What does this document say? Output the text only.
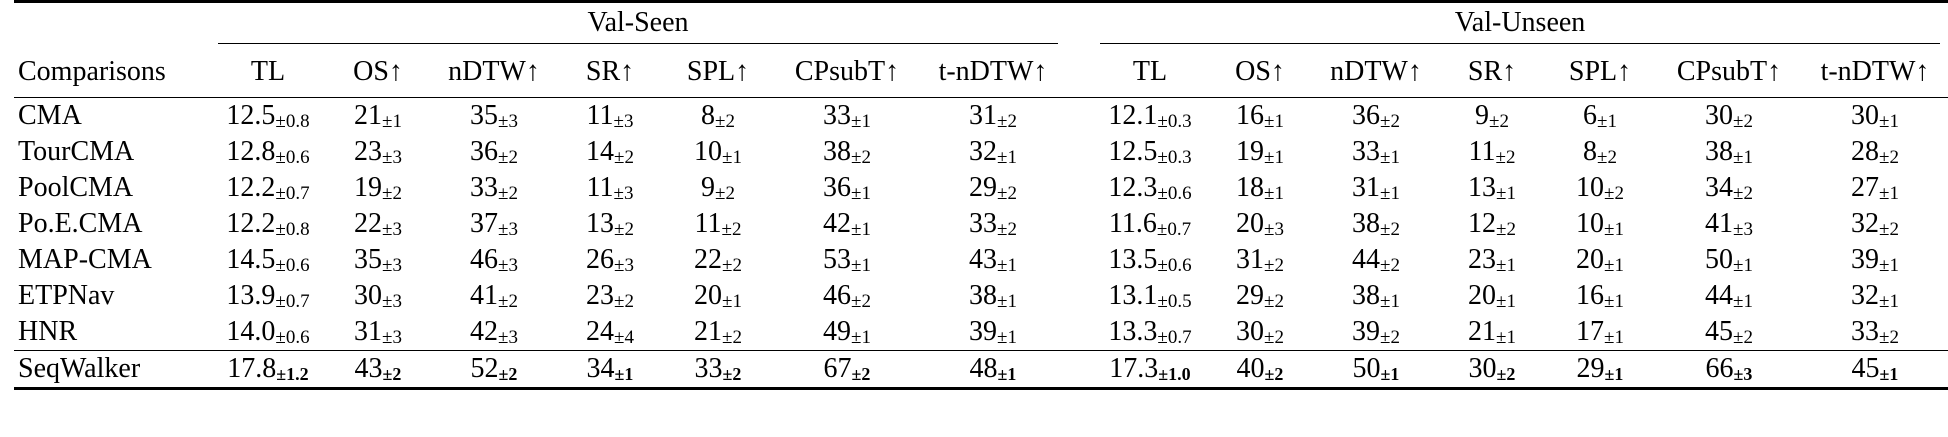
	Val-Seen								Val-Unseen						

Comparisons	TL	OS↑	nDTW↑	SR↑	SPL↑	CPsubT↑	t-nDTW↑		TL	OS↑	nDTW↑	SR↑	SPL↑	CPsubT↑	t-nDTW↑

CMA	12.5±0.8	21±1	35±3	11±3	8±2	33±1	31±2		12.1±0.3	16±1	36±2	9±2	6±1	30±2	30±1
TourCMA	12.8±0.6	23±3	36±2	14±2	10±1	38±2	32±1		12.5±0.3	19±1	33±1	11±2	8±2	38±1	28±2
PoolCMA	12.2±0.7	19±2	33±2	11±3	9±2	36±1	29±2		12.3±0.6	18±1	31±1	13±1	10±2	34±2	27±1
Po.E.CMA	12.2±0.8	22±3	37±3	13±2	11±2	42±1	33±2		11.6±0.7	20±3	38±2	12±2	10±1	41±3	32±2
MAP-CMA	14.5±0.6	35±3	46±3	26±3	22±2	53±1	43±1		13.5±0.6	31±2	44±2	23±1	20±1	50±1	39±1
ETPNav	13.9±0.7	30±3	41±2	23±2	20±1	46±2	38±1		13.1±0.5	29±2	38±1	20±1	16±1	44±1	32±1
HNR	14.0±0.6	31±3	42±3	24±4	21±2	49±1	39±1		13.3±0.7	30±2	39±2	21±1	17±1	45±2	33±2

SeqWalker	17.8±1.2	43±2	52±2	34±1	33±2	67±2	48±1		17.3±1.0	40±2	50±1	30±2	29±1	66±3	45±1
